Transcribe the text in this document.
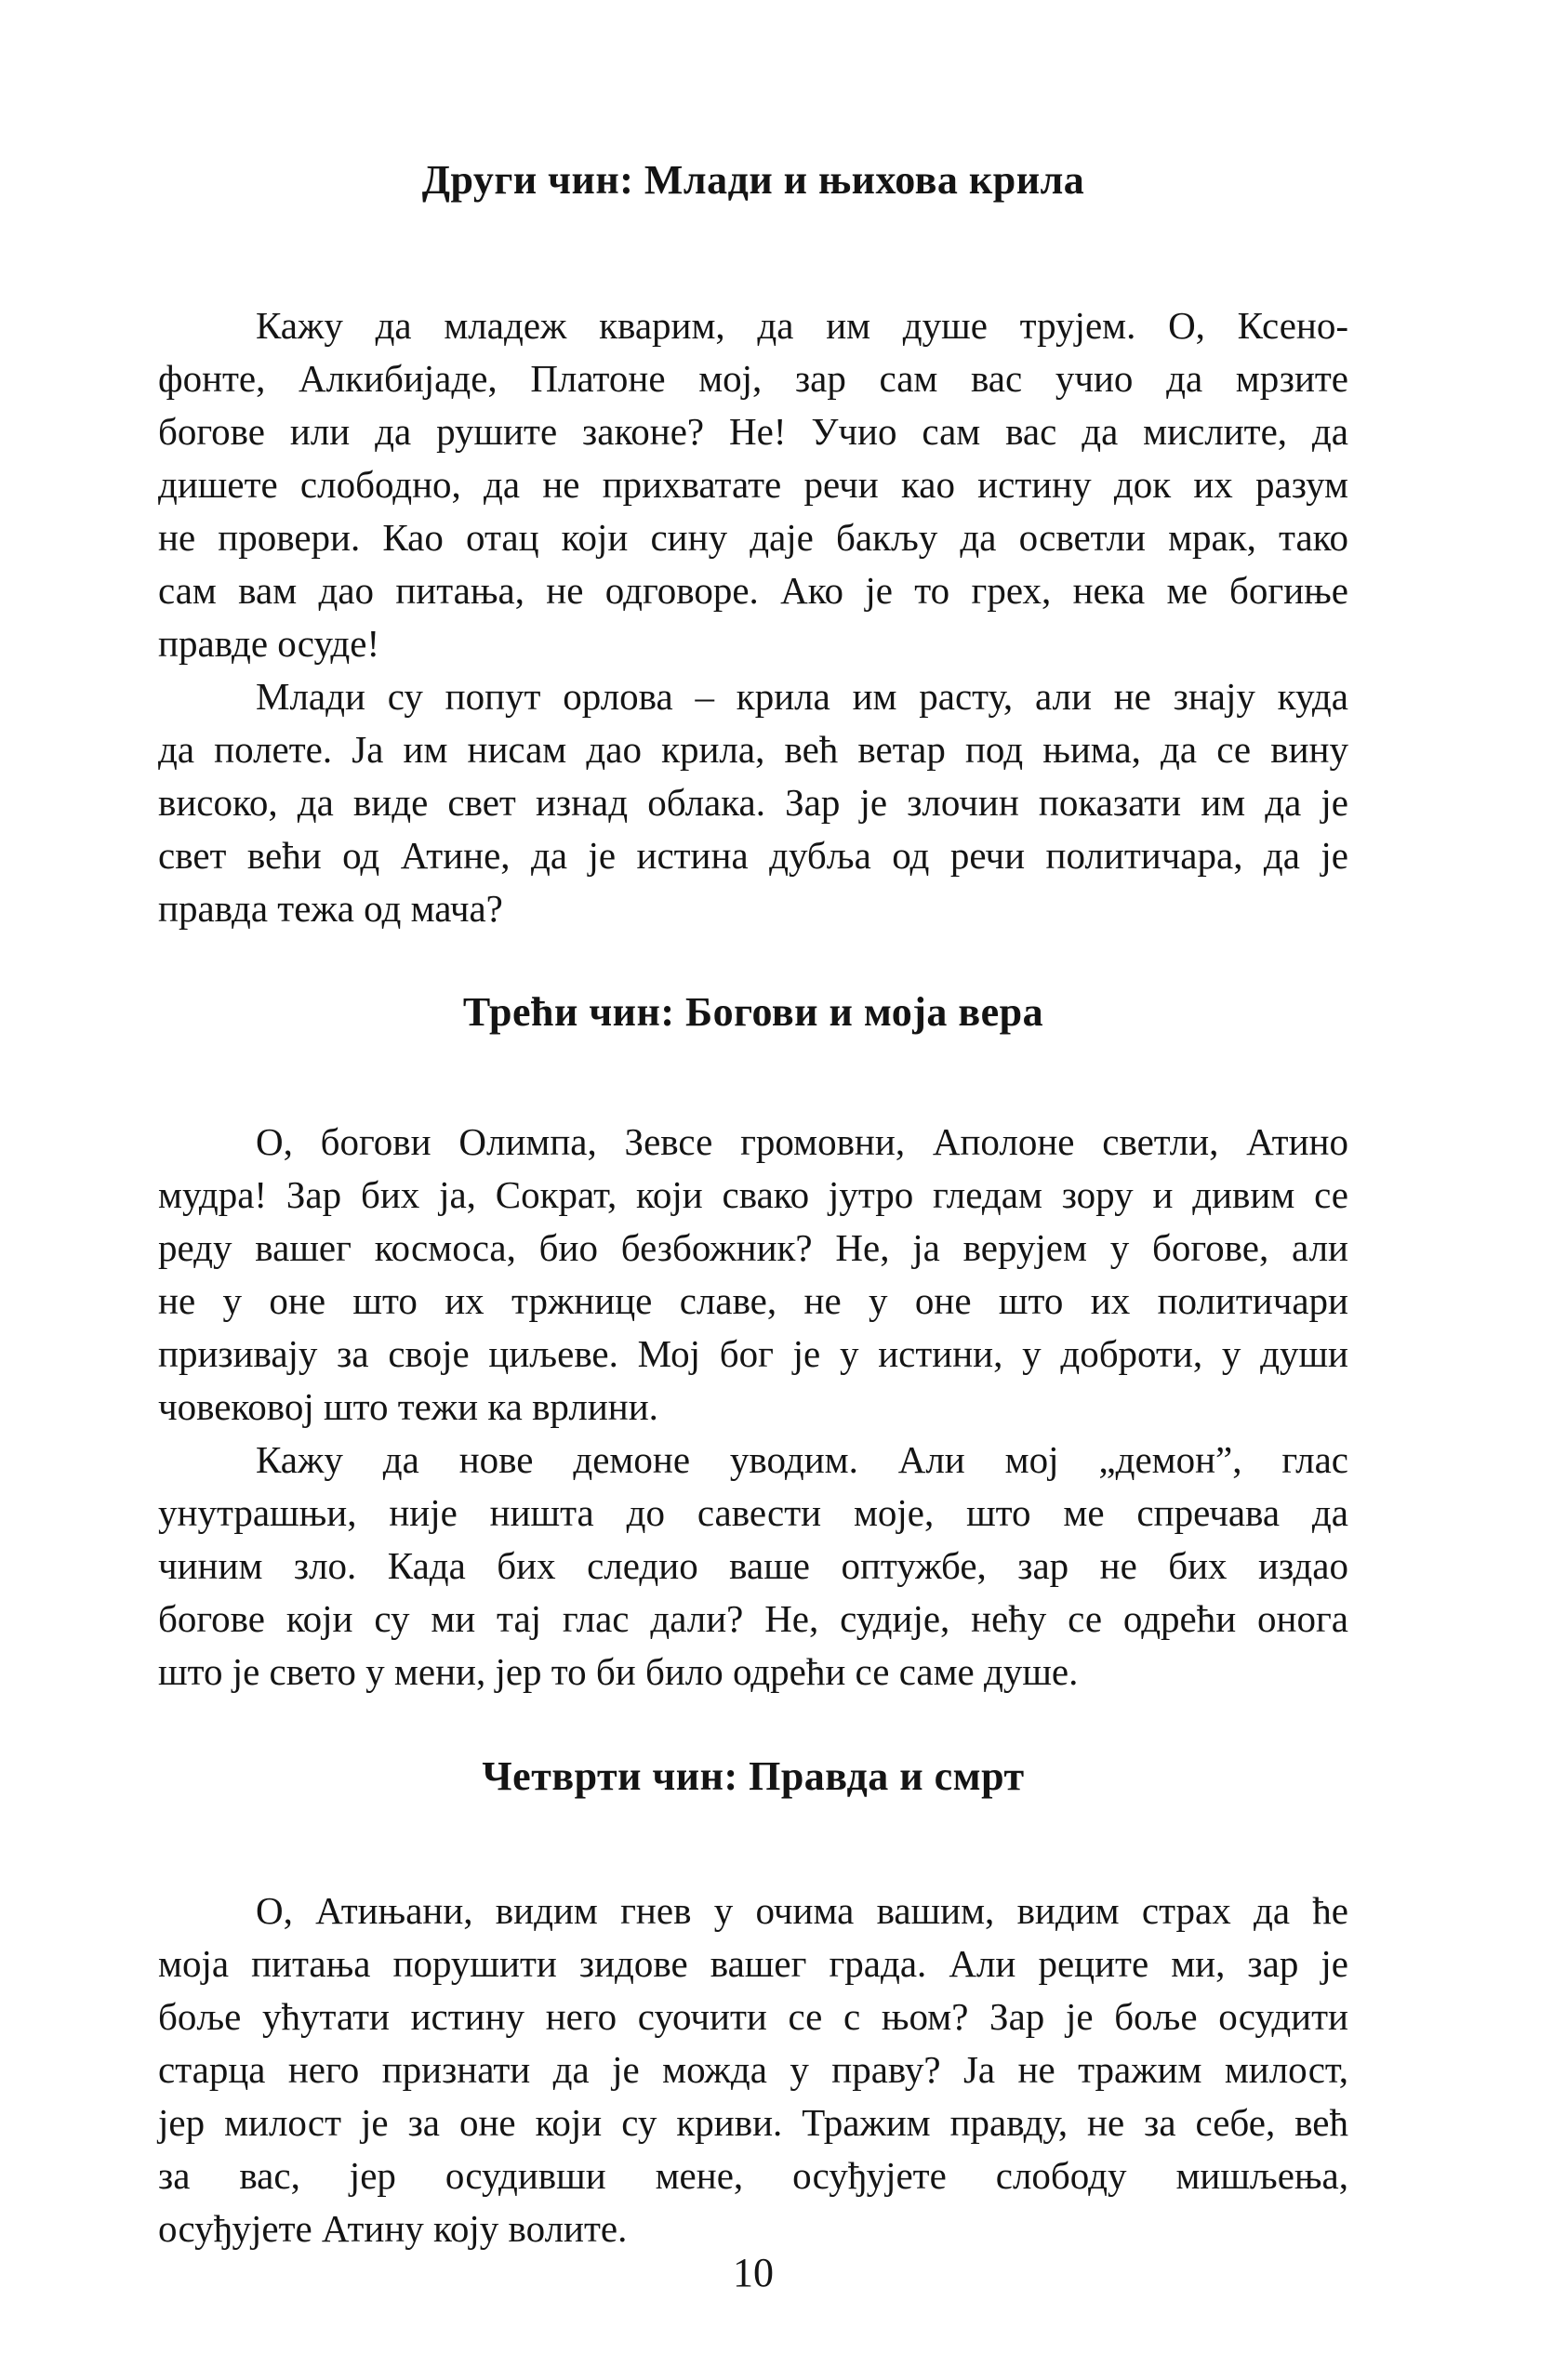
Други чин: Млади и њихова крила
Кажу да младеж кварим, да им душе трујем. О, Ксено-
фонте, Алкибијаде, Платоне мој, зар сам вас учио да мрзите
богове или да рушите законе? Не! Учио сам вас да мислите, да
дишете слободно, да не прихватате речи као истину док их разум
не провери. Као отац који сину даје бакљу да осветли мрак, тако
сам вам дао питања, не одговоре. Ако је то грех, нека ме богиње
правде осуде!
Млади су попут орлова – крила им расту, али не знају куда
да полете. Ја им нисам дао крила, већ ветар под њима, да се вину
високо, да виде свет изнад облака. Зар је злочин показати им да је
свет већи од Атине, да је истина дубља од речи политичара, да је
правда тежа од мача?
Трећи чин: Богови и моја вера
О, богови Олимпа, Зевсе громовни, Аполоне светли, Атино
мудра! Зар бих ја, Сократ, који свако јутро гледам зору и дивим се
реду вашег космоса, био безбожник? Не, ја верујем у богове, али
не у оне што их тржнице славе, не у оне што их политичари
призивају за своје циљеве. Мој бог је у истини, у доброти, у души
човековој што тежи ка врлини.
Кажу да нове демоне уводим. Али мој „демон”, глас
унутрашњи, није ништа до савести моје, што ме спречава да
чиним зло. Када бих следио ваше оптужбе, зар не бих издао
богове који су ми тај глас дали? Не, судије, нећу се одрећи онога
што је свето у мени, јер то би било одрећи се саме душе.
Четврти чин: Правда и смрт
О, Атињани, видим гнев у очима вашим, видим страх да ће
моја питања порушити зидове вашег града. Али реците ми, зар је
боље ућутати истину него суочити се с њом? Зар је боље осудити
старца него признати да је можда у праву? Ја не тражим милост,
јер милост је за оне који су криви. Тражим правду, не за себе, већ
за вас, јер осудивши мене, осуђујете слободу мишљења,
осуђујете Атину коју волите.
10
